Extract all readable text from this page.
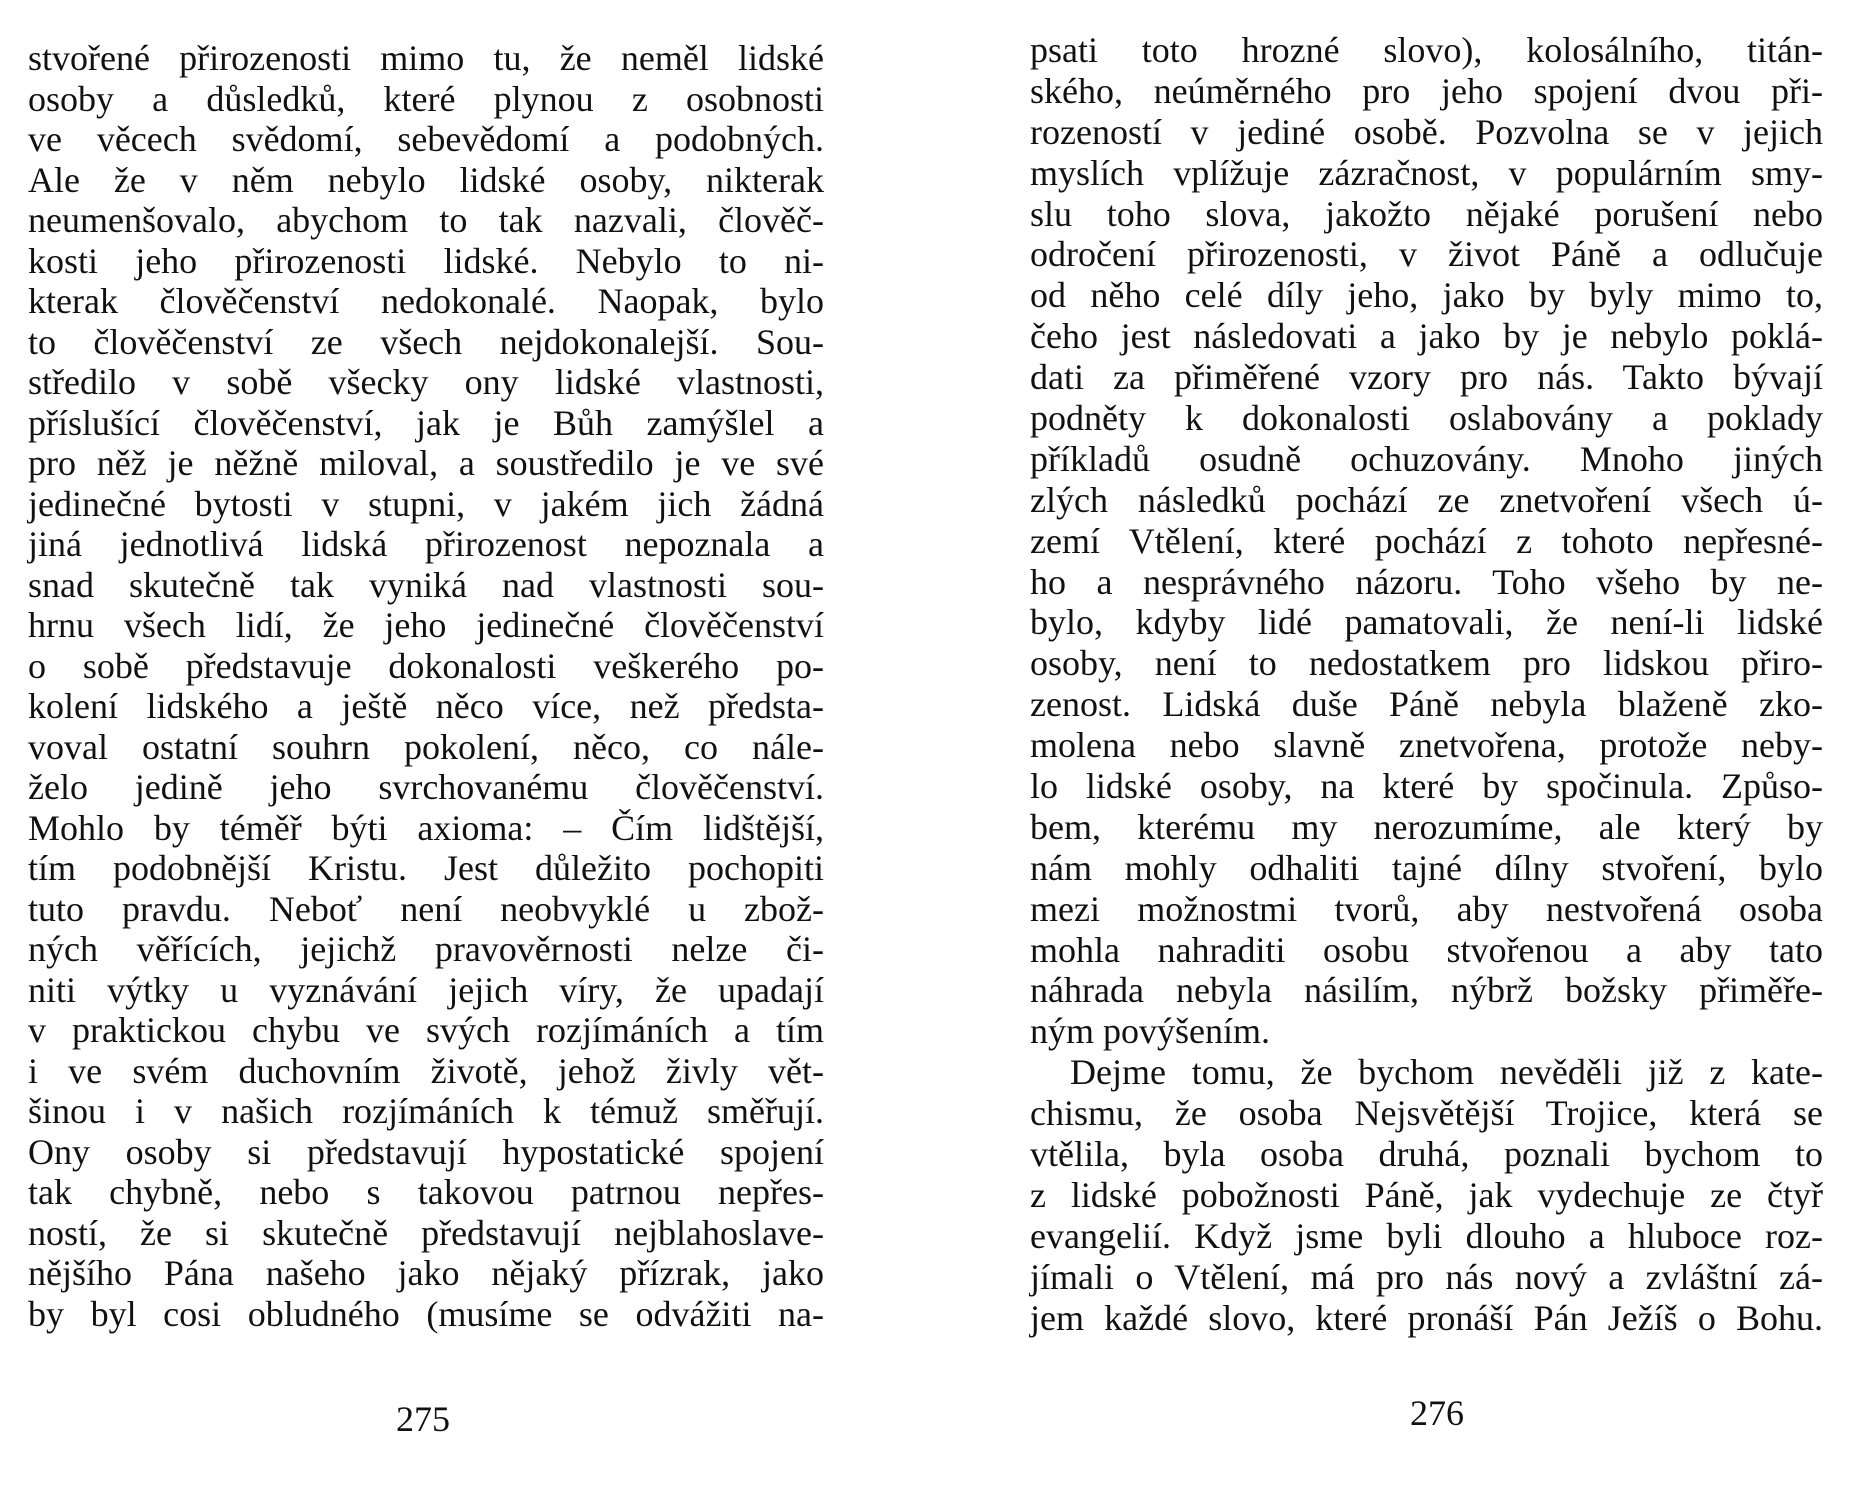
stvořené přirozenosti mimo tu, že neměl lidské
osoby a důsledků, které plynou z osobnosti
ve věcech svědomí, sebevědomí a podobných.
Ale že v něm nebylo lidské osoby, nikterak
neumenšovalo, abychom to tak nazvali, člověč-
kosti jeho přirozenosti lidské. Nebylo to ni-
kterak člověčenství nedokonalé. Naopak, bylo
to člověčenství ze všech nejdokonalejší. Sou-
středilo v sobě všecky ony lidské vlastnosti,
příslušící člověčenství, jak je Bůh zamýšlel a
pro něž je něžně miloval, a soustředilo je ve své
jedinečné bytosti v stupni, v jakém jich žádná
jiná jednotlivá lidská přirozenost nepoznala a
snad skutečně tak vyniká nad vlastnosti sou-
hrnu všech lidí, že jeho jedinečné člověčenství
o sobě představuje dokonalosti veškerého po-
kolení lidského a ještě něco více, než předsta-
voval ostatní souhrn pokolení, něco, co nále-
želo jedině jeho svrchovanému člověčenství.
Mohlo by téměř býti axioma: – Čím lidštější,
tím podobnější Kristu. Jest důležito pochopiti
tuto pravdu. Neboť není neobvyklé u zbož-
ných věřících, jejichž pravověrnosti nelze či-
niti výtky u vyznávání jejich víry, že upadají
v praktickou chybu ve svých rozjímáních a tím
i ve svém duchovním životě, jehož živly vět-
šinou i v našich rozjímáních k témuž směřují.
Ony osoby si představují hypostatické spojení
tak chybně, nebo s takovou patrnou nepřes-
ností, že si skutečně představují nejblahoslave-
nějšího Pána našeho jako nějaký přízrak, jako
by byl cosi obludného (musíme se odvážiti na-
275
psati toto hrozné slovo), kolosálního, titán-
ského, neúměrného pro jeho spojení dvou při-
rozeností v jediné osobě. Pozvolna se v jejich
myslích vplížuje zázračnost, v populárním smy-
slu toho slova, jakožto nějaké porušení nebo
odročení přirozenosti, v život Páně a odlučuje
od něho celé díly jeho, jako by byly mimo to,
čeho jest následovati a jako by je nebylo poklá-
dati za přiměřené vzory pro nás. Takto bývají
podněty k dokonalosti oslabovány a poklady
příkladů osudně ochuzovány. Mnoho jiných
zlých následků pochází ze znetvoření všech ú-
zemí Vtělení, které pochází z tohoto nepřesné-
ho a nesprávného názoru. Toho všeho by ne-
bylo, kdyby lidé pamatovali, že není-li lidské
osoby, není to nedostatkem pro lidskou přiro-
zenost. Lidská duše Páně nebyla blaženě zko-
molena nebo slavně znetvořena, protože neby-
lo lidské osoby, na které by spočinula. Způso-
bem, kterému my nerozumíme, ale který by
nám mohly odhaliti tajné dílny stvoření, bylo
mezi možnostmi tvorů, aby nestvořená osoba
mohla nahraditi osobu stvořenou a aby tato
náhrada nebyla násilím, nýbrž božsky přiměře-
ným povýšením.
Dejme tomu, že bychom nevěděli již z kate-
chismu, že osoba Nejsvětější Trojice, která se
vtělila, byla osoba druhá, poznali bychom to
z lidské pobožnosti Páně, jak vydechuje ze čtyř
evangelií. Když jsme byli dlouho a hluboce roz-
jímali o Vtělení, má pro nás nový a zvláštní zá-
jem každé slovo, které pronáší Pán Ježíš o Bohu.
276
